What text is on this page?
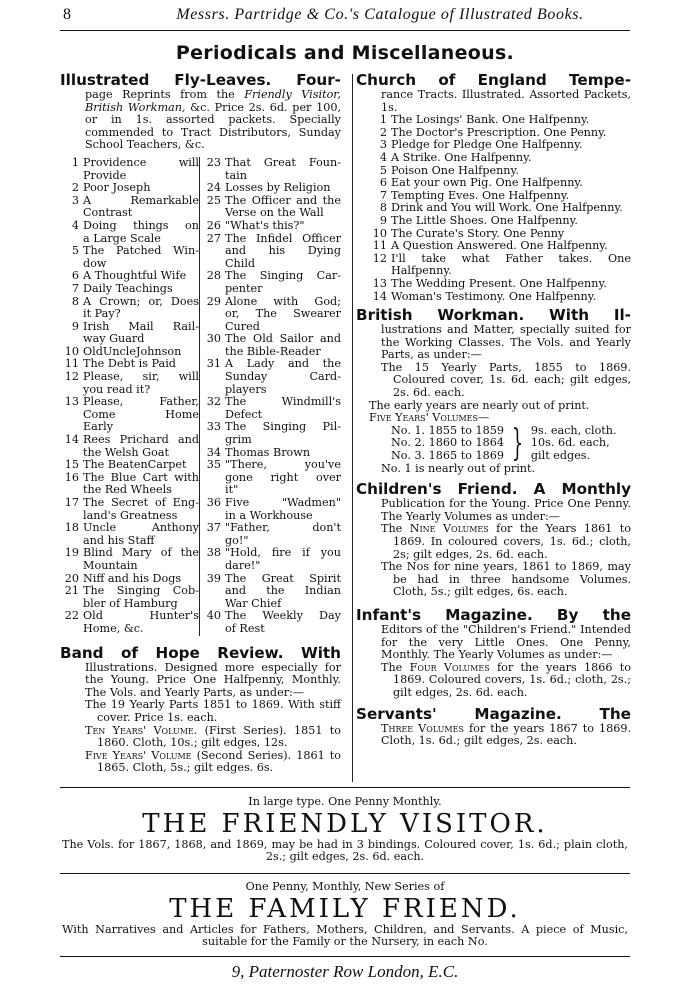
8	Messrs. Partridge & Co.'s Catalogue of Illustrated Books.
Periodicals and Miscellaneous.
Illustrated Fly-Leaves. Four-
page Reprints from the Friendly Visitor, British Workman, &c. Price 2s. 6d. per 100, or in 1s. assorted packets. Specially commended to Tract Distributors, Sunday School Teachers, &c.
1 Providence will
Provide
2 Poor Joseph
3 A Remarkable
Contrast
4 Doing things on
a Large Scale
5 The Patched Win-
dow
6 A Thoughtful Wife
7 Daily Teachings
8 A Crown; or, Does
it Pay?
9 Irish Mail Rail-
way Guard
10 OldUncleJohnson
11 The Debt is Paid
12 Please, sir, will
you read it?
13 Please, Father,
Come Home
Early
14 Rees Prichard and
the Welsh Goat
15 The BeatenCarpet
16 The Blue Cart with
the Red Wheels
17 The Secret of Eng-
land's Greatness
18 Uncle Anthony
and his Staff
19 Blind Mary of the
Mountain
20 Niff and his Dogs
21 The Singing Cob-
bler of Hamburg
22 Old Hunter's
Home, &c.
23 That Great Foun-
tain
24 Losses by Religion
25 The Officer and the
Verse on the Wall
26 "What's this?"
27 The Infidel Officer
and his Dying
Child
28 The Singing Car-
penter
29 Alone with God;
or, The Swearer
Cured
30 The Old Sailor and
the Bible-Reader
31 A Lady and the
Sunday Card-
players
32 The Windmill's
Defect
33 The Singing Pil-
grim
34 Thomas Brown
35 "There, you've
gone right over
it"
36 Five "Wadmen"
in a Workhouse
37 "Father, don't
go!"
38 "Hold, fire if you
dare!"
39 The Great Spirit
and the Indian
War Chief
40 The Weekly Day
of Rest
Band of Hope Review. With

Illustrations. Designed more especially for the Young. Price One Halfpenny, Monthly. The Vols. and Yearly Parts, as under:—

The 19 Yearly Parts 1851 to 1869. With stiff cover. Price 1s. each.

Ten Years' Volume. (First Series). 1851 to 1860. Cloth, 10s.; gilt edges, 12s.

Five Years' Volume (Second Series). 1861 to 1865. Cloth, 5s.; gilt edges. 6s.

Church of England Tempe-
rance Tracts. Illustrated. Assorted Packets, 1s.
1 The Losings' Bank. One Halfpenny.
2 The Doctor's Prescription. One Penny.
3 Pledge for Pledge One Halfpenny.
4 A Strike. One Halfpenny.
5 Poison One Halfpenny.
6 Eat your own Pig. One Halfpenny.
7 Tempting Eves. One Halfpenny.
8 Drink and You will Work. One Halfpenny.
9 The Little Shoes. One Halfpenny.
10 The Curate's Story. One Penny
11 A Question Answered. One Halfpenny.
12 I'll take what Father takes. One Halfpenny.
13 The Wedding Present. One Halfpenny.
14 Woman's Testimony. One Halfpenny.
British Workman. With Il-

lustrations and Matter, specially suited for the Working Classes. The Vols. and Yearly Parts, as under:—

The 15 Yearly Parts, 1855 to 1869. Coloured cover, 1s. 6d. each; gilt edges, 2s. 6d. each.

The early years are nearly out of print.

Five Years' Volumes—

No. 1. 1855 to 1859
No. 2. 1860 to 1864
No. 3. 1865 to 1869 } 9s. each, cloth.
10s. 6d. each,
gilt edges.
No. 1 is nearly out of print.
Children's Friend. A Monthly

Publication for the Young. Price One Penny. The Yearly Volumes as under:—

The Nine Volumes for the Years 1861 to 1869. In coloured covers, 1s. 6d.; cloth, 2s; gilt edges, 2s. 6d. each.

The Nos for nine years, 1861 to 1869, may be had in three handsome Volumes. Cloth, 5s.; gilt edges, 6s. each.

Infant's Magazine. By the

Editors of the "Children's Friend." Intended for the very Little Ones. One Penny, Monthly. The Yearly Volumes as under:—

The Four Volumes for the years 1866 to 1869. Coloured covers, 1s. 6d.; cloth, 2s.; gilt edges, 2s. 6d. each.

Servants' Magazine. The
Three Volumes for the years 1867 to 1869. Cloth, 1s. 6d.; gilt edges, 2s. each.
In large type. One Penny Monthly.
THE FRIENDLY VISITOR.
The Vols. for 1867, 1868, and 1869, may be had in 3 bindings. Coloured cover, 1s. 6d.; plain cloth, 2s.; gilt edges, 2s. 6d. each.
One Penny, Monthly, New Series of
THE FAMILY FRIEND.
With Narratives and Articles for Fathers, Mothers, Children, and Servants. A piece of Music, suitable for the Family or the Nursery, in each No.
9, Paternoster Row London, E.C.
